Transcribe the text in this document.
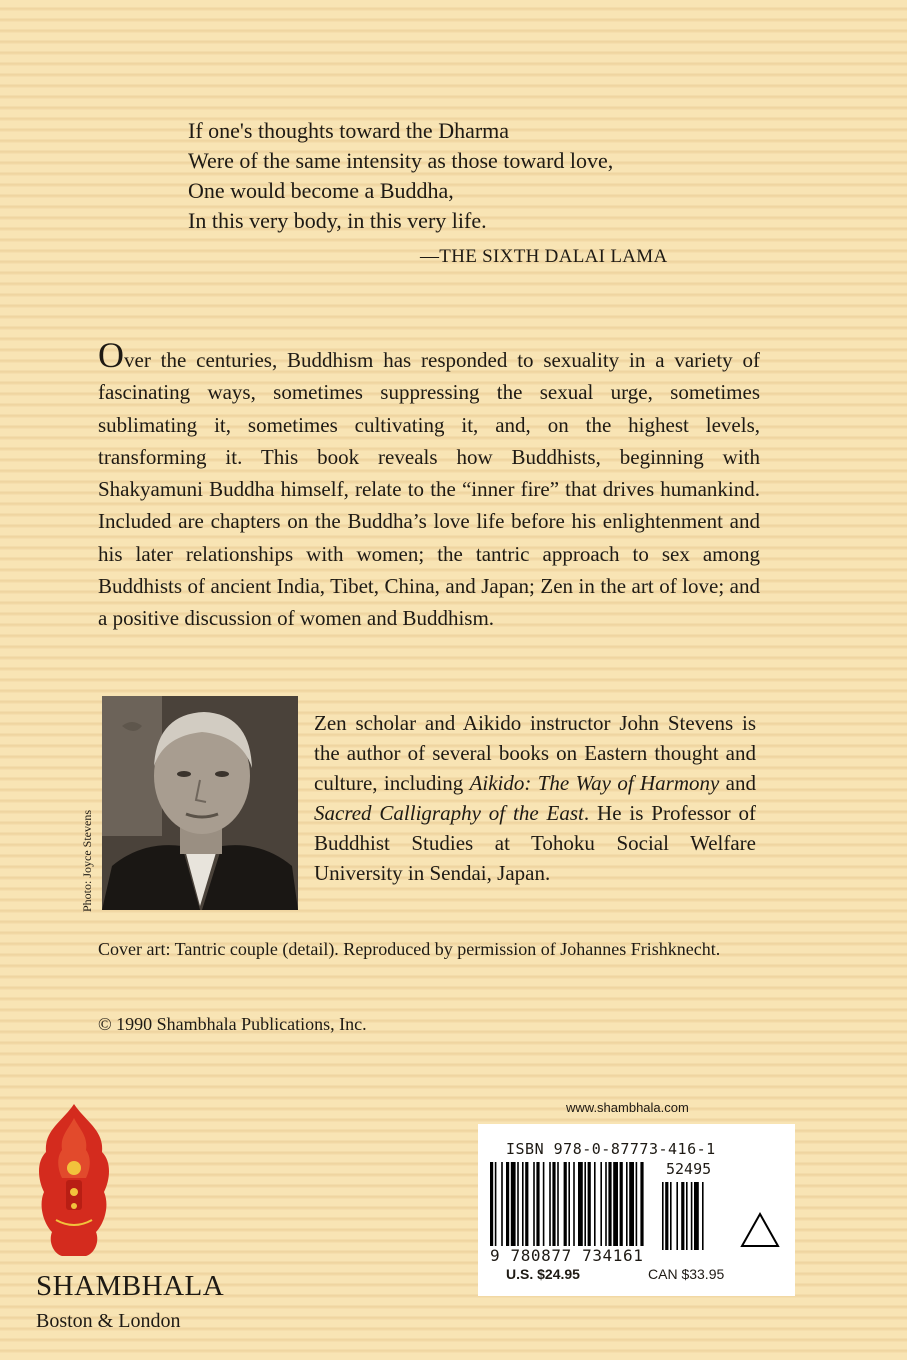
If one's thoughts toward the Dharma
Were of the same intensity as those toward love,
One would become a Buddha,
In this very body, in this very life.
—THE SIXTH DALAI LAMA
Over the centuries, Buddhism has responded to sexuality in a variety of fascinating ways, sometimes suppressing the sexual urge, sometimes sublimating it, sometimes cultivating it, and, on the highest levels, transforming it. This book reveals how Buddhists, beginning with Shakyamuni Buddha himself, relate to the “inner fire” that drives humankind. Included are chapters on the Buddha’s love life before his enlightenment and his later relationships with women; the tantric approach to sex among Buddhists of ancient India, Tibet, China, and Japan; Zen in the art of love; and a positive discussion of women and Buddhism.
Photo: Joyce Stevens
Zen scholar and Aikido instructor John Stevens is the author of several books on Eastern thought and culture, including Aikido: The Way of Harmony and Sacred Calligraphy of the East. He is Professor of Buddhist Studies at Tohoku Social Welfare University in Sendai, Japan.
Cover art: Tantric couple (detail). Reproduced by permission of Johannes Frishknecht.
© 1990 Shambhala Publications, Inc.
www.shambhala.com
ISBN 978-0-87773-416-1
52495
9 780877 734161
U.S. $24.95	CAN $33.95
SHAMBHALA
Boston & London
